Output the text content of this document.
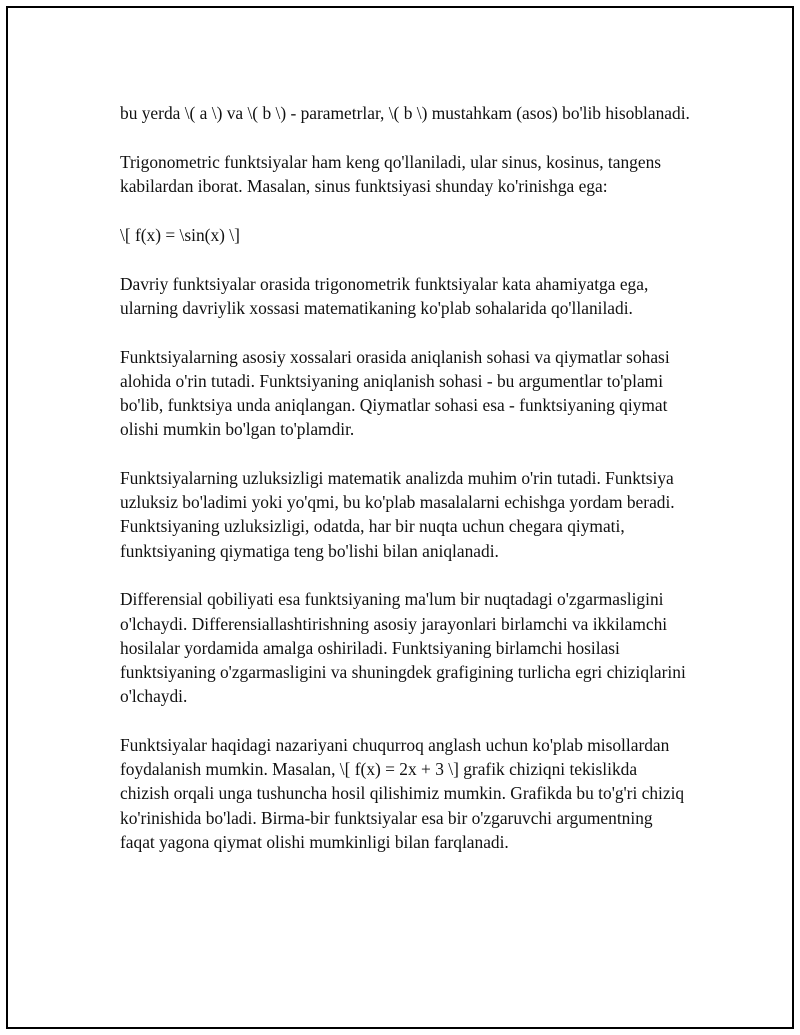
bu yerda \( a \) va \( b \) - parametrlar, \( b \) mustahkam (asos) bo'lib hisoblanadi.

Trigonometric funktsiyalar ham keng qo'llaniladi, ular sinus, kosinus, tangens kabilardan iborat. Masalan, sinus funktsiyasi shunday ko'rinishga ega:

\[ f(x) = \sin(x) \]

Davriy funktsiyalar orasida trigonometrik funktsiyalar kata ahamiyatga ega, ularning davriylik xossasi matematikaning ko'plab sohalarida qo'llaniladi.

Funktsiyalarning asosiy xossalari orasida aniqlanish sohasi va qiymatlar sohasi alohida o'rin tutadi. Funktsiyaning aniqlanish sohasi - bu argumentlar to'plami bo'lib, funktsiya unda aniqlangan. Qiymatlar sohasi esa - funktsiyaning qiymat olishi mumkin bo'lgan to'plamdir.

Funktsiyalarning uzluksizligi matematik analizda muhim o'rin tutadi. Funktsiya uzluksiz bo'ladimi yoki yo'qmi, bu ko'plab masalalarni echishga yordam beradi. Funktsiyaning uzluksizligi, odatda, har bir nuqta uchun chegara qiymati, funktsiyaning qiymatiga teng bo'lishi bilan aniqlanadi.

Differensial qobiliyati esa funktsiyaning ma'lum bir nuqtadagi o'zgarmasligini o'lchaydi. Differensiallashtirishning asosiy jarayonlari birlamchi va ikkilamchi hosilalar yordamida amalga oshiriladi. Funktsiyaning birlamchi hosilasi funktsiyaning o'zgarmasligini va shuningdek grafigining turlicha egri chiziqlarini o'lchaydi.

Funktsiyalar haqidagi nazariyani chuqurroq anglash uchun ko'plab misollardan foydalanish mumkin. Masalan, \[ f(x) = 2x + 3 \] grafik chiziqni tekislikda chizish orqali unga tushuncha hosil qilishimiz mumkin. Grafikda bu to'g'ri chiziq ko'rinishida bo'ladi. Birma-bir funktsiyalar esa bir o'zgaruvchi argumentning faqat yagona qiymat olishi mumkinligi bilan farqlanadi.
